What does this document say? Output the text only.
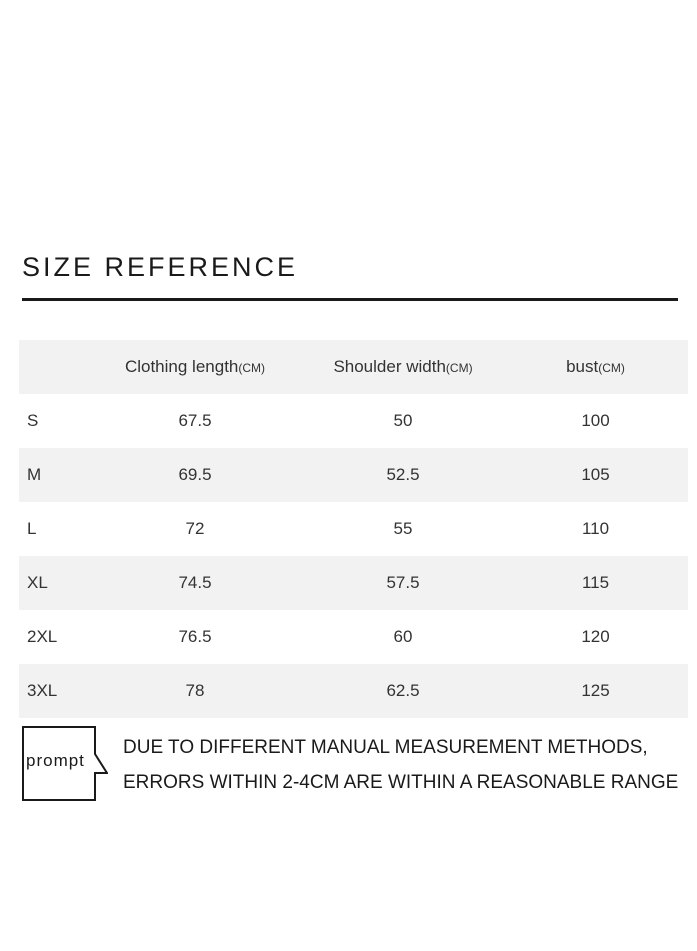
SIZE REFERENCE
	Clothing length(CM)	Shoulder width(CM)	bust(CM)
S	67.5	50	100
M	69.5	52.5	105
L	72	55	110
XL	74.5	57.5	115
2XL	76.5	60	120
3XL	78	62.5	125
prompt
DUE TO DIFFERENT MANUAL MEASUREMENT METHODS,
ERRORS WITHIN 2-4CM ARE WITHIN A REASONABLE RANGE
